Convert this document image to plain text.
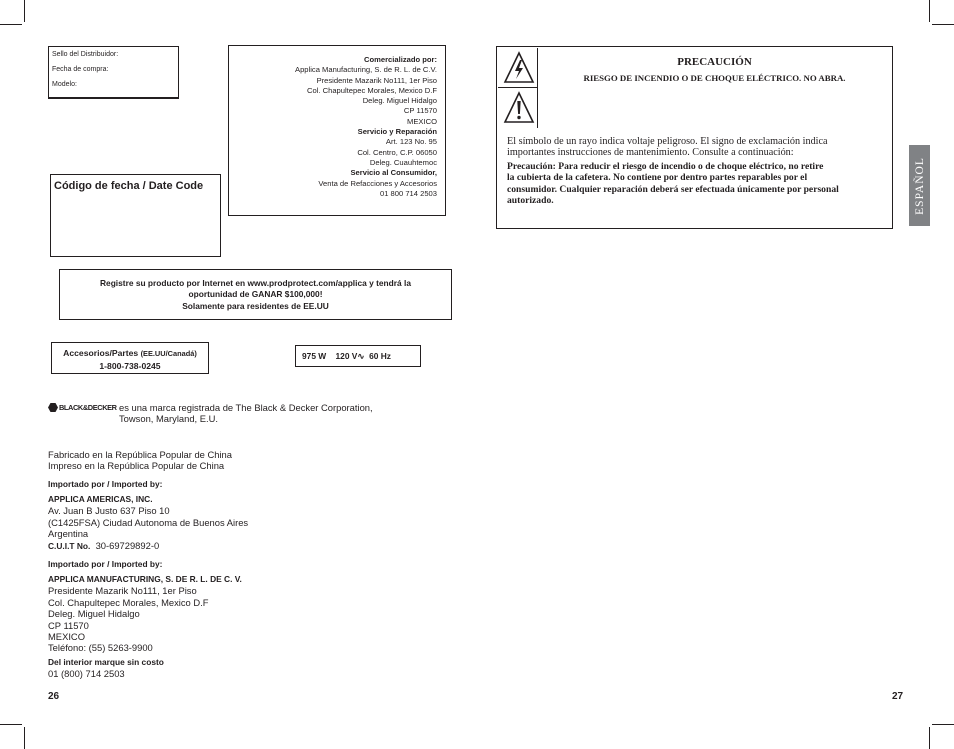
Sello del Distribuidor:
Fecha de compra:
Modelo:
Comercializado por:
Applica Manufacturing, S. de R. L. de C.V.
Presidente Mazarik No111, 1er Piso
Col. Chapultepec Morales, Mexico D.F
Deleg. Miguel Hidalgo
CP 11570
MEXICO
Servicio y Reparación
Art. 123 No. 95
Col. Centro, C.P. 06050
Deleg. Cuauhtemoc
Servicio al Consumidor,
Venta de Refacciones y Accesorios
01 800 714 2503
Código de fecha / Date Code
Registre su producto por Internet en www.prodprotect.com/applica y tendrá la
oportunidad de GANAR $100,000!
Solamente para residentes de EE.UU
Accesorios/Partes (EE.UU/Canadá)
1-800-738-0245
975 W    120 V∿  60 Hz
BLACK&DECKER es una marca registrada de The Black & Decker Corporation,
Towson, Maryland, E.U.
Fabricado en la República Popular de China
Impreso en la República Popular de China
Importado por / Imported by:
APPLICA AMERICAS, INC.
Av. Juan B Justo 637 Piso 10
(C1425FSA) Ciudad Autonoma de Buenos Aires
Argentina
C.U.I.T No. 30-69729892-0
Importado por / Imported by:
APPLICA MANUFACTURING, S. DE R. L. DE C. V.
Presidente Mazarik No111, 1er Piso
Col. Chapultepec Morales, Mexico D.F
Deleg. Miguel Hidalgo
CP 11570
MEXICO
Teléfono: (55) 5263-9900
Del interior marque sin costo
01 (800) 714 2503
26
PRECAUCIÓN
RIESGO DE INCENDIO O DE CHOQUE ELÉCTRICO. NO ABRA.
El símbolo de un rayo indica voltaje peligroso. El signo de exclamación indica
importantes instrucciones de mantenimiento. Consulte a continuación:
Precaución: Para reducir el riesgo de incendio o de choque eléctrico, no retire
la cubierta de la cafetera. No contiene por dentro partes reparables por el
consumidor. Cualquier reparación deberá ser efectuada únicamente por personal
autorizado.	ESPAÑOL
27
